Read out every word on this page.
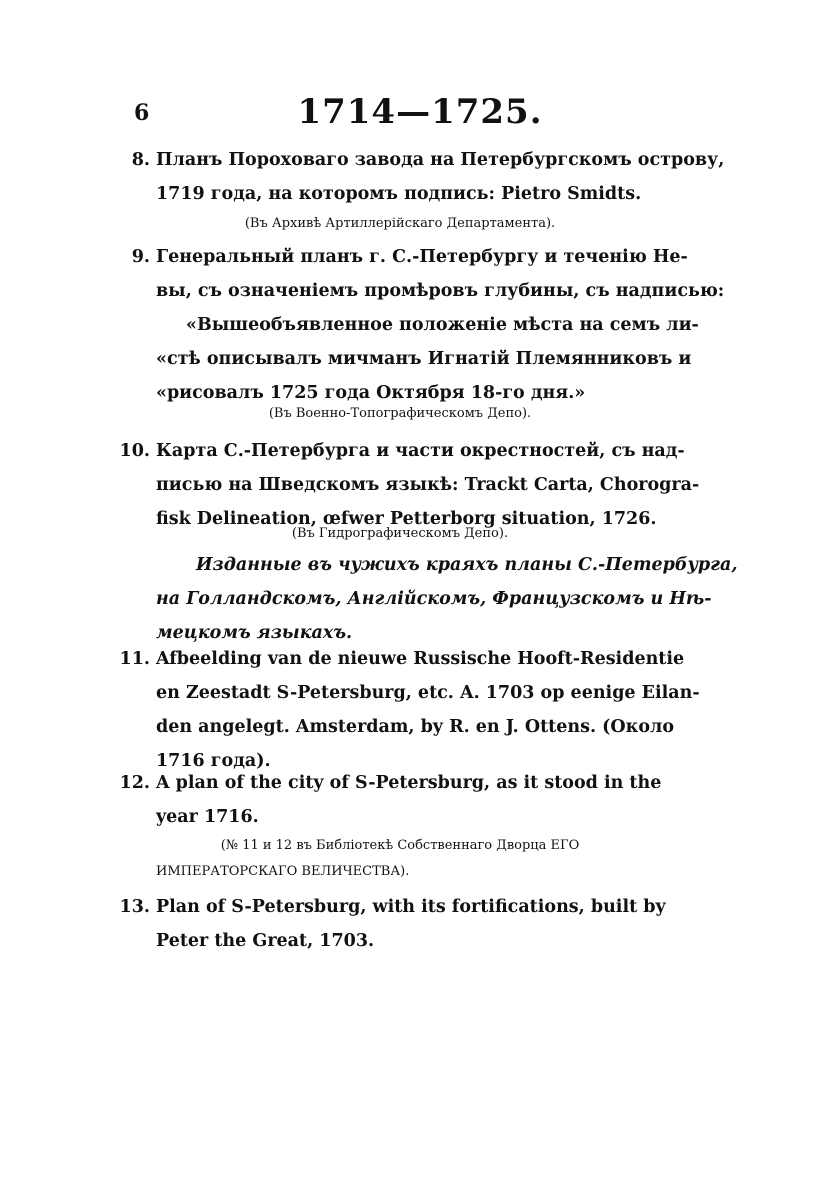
6	1714—1725.
8. Планъ Пороховаго завода на Петербургскомъ острову,
1719 года, на которомъ подпись: Pietro Smidts.
(Въ Архивѣ Артиллерійскаго Департамента).
9. Генеральный планъ г. С.-Петербургу и теченію Не-
вы, съ означеніемъ промѣровъ глубины, съ надписью:
«Вышеобъявленное положеніе мѣста на семъ ли-
«стѣ описывалъ мичманъ Игнатій Племянниковъ и
«рисовалъ 1725 года Октября 18-го дня.»
(Въ Военно-Топографическомъ Депо).
10. Карта С.-Петербурга и части окрестностей, съ над-
писью на Шведскомъ языкѣ: Trackt Carta, Chorogra-
fisk Delineation, œfwer Petterborg situation, 1726.
(Въ Гидрографическомъ Депо).
Изданные въ чужихъ краяхъ планы С.-Петербурга,
на Голландскомъ, Англійскомъ, Французскомъ и Нѣ-
мецкомъ языкахъ.
11. Afbeelding van de nieuwe Russische Hooft-Residentie
en Zeestadt S-Petersburg, etc. A. 1703 op eenige Eilan-
den angelegt. Amsterdam, by R. en J. Ottens. (Около
1716 года).
12. A plan of the city of S-Petersburg, as it stood in the
year 1716.
(№ 11 и 12 въ Библіотекѣ Собственнаго Дворца ЕГО
ИМПЕРАТОРСКАГО ВЕЛИЧЕСТВА).
13. Plan of S-Petersburg, with its fortifications, built by
Peter the Great, 1703.
